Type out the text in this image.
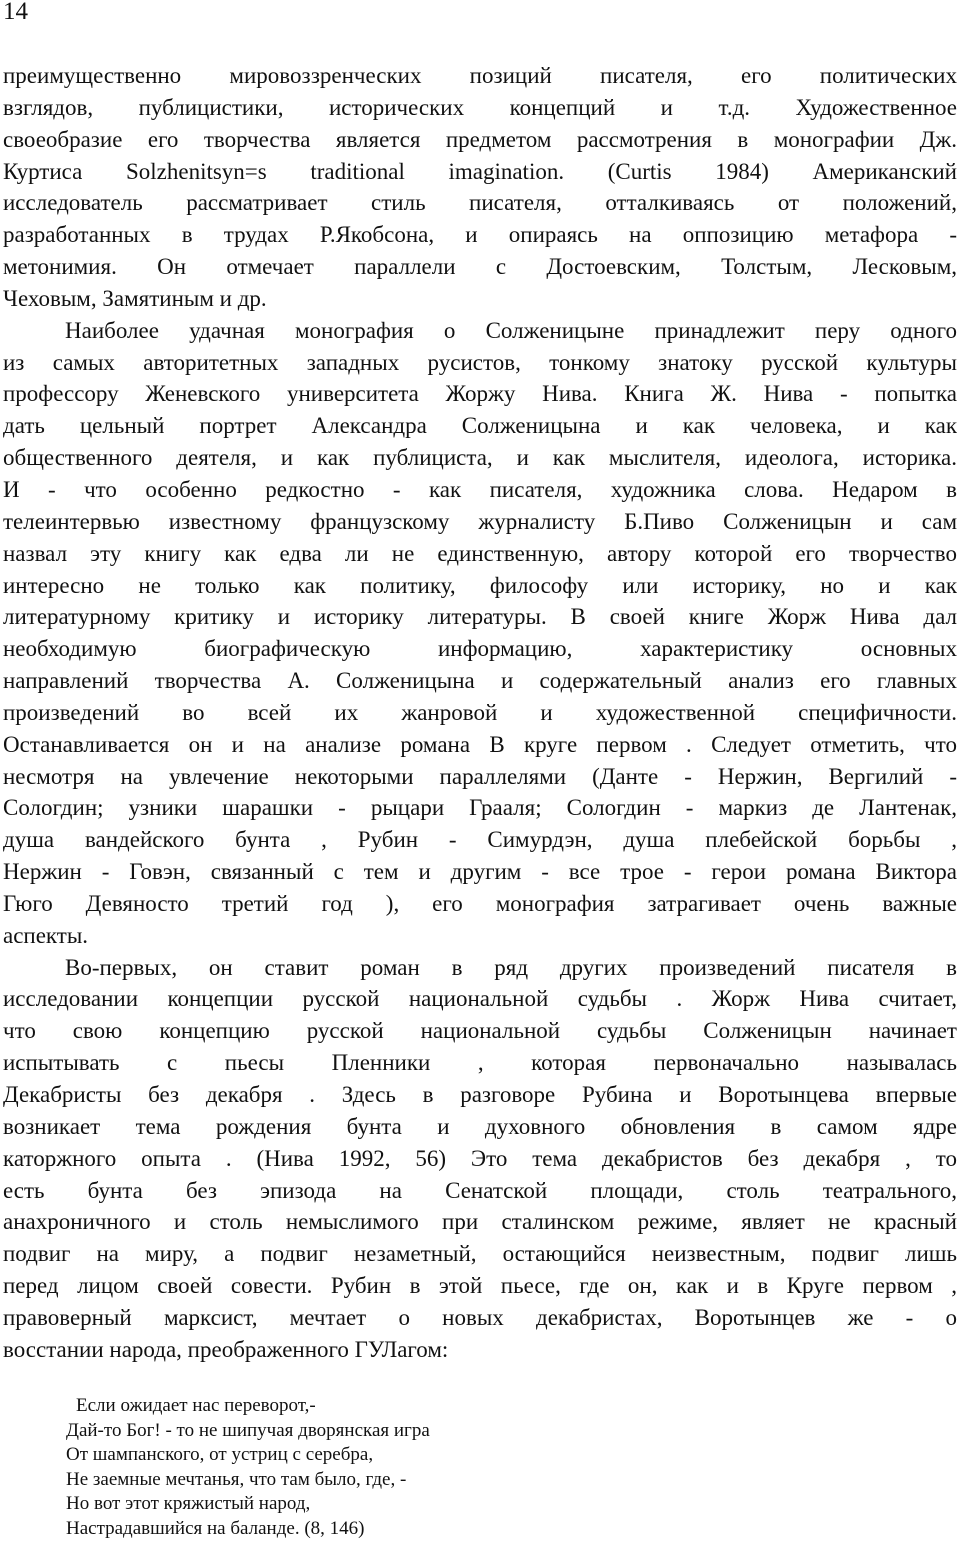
14
преимущественно мировоззренческих позиций писателя, его политических
взглядов, публицистики, исторических концепций и т.д. Художественное
своеобразие его творчества является предметом рассмотрения в монографии Дж.
Куртиса Solzhenitsyn=s traditional imagination. (Curtis 1984) Американский
исследователь рассматривает стиль писателя, отталкиваясь от положений,
разработанных в трудах Р.Якобсона, и опираясь на оппозицию метафора -
метонимия. Он отмечает параллели с Достоевским, Толстым, Лесковым,
Чеховым, Замятиным и др.
Наиболее удачная монография о Солженицыне принадлежит перу одного
из самых авторитетных западных русистов, тонкому знатоку русской культуры
профессору Женевского университета Жоржу Нива. Книга Ж. Нива - попытка
дать цельный портрет Александра Солженицына и как человека, и как
общественного деятеля, и как публициста, и как мыслителя, идеолога, историка.
И - что особенно редкостно - как писателя, художника слова. Недаром в
телеинтервью известному французскому журналисту Б.Пиво Солженицын и сам
назвал эту книгу как едва ли не единственную, автору которой его творчество
интересно не только как политику, философу или историку, но и как
литературному критику и историку литературы. В своей книге Жорж Нива дал
необходимую биографическую информацию, характеристику основных
направлений творчества А. Солженицына и содержательный анализ его главных
произведений во всей их жанровой и художественной специфичности.
Останавливается он и на анализе романа В круге первом . Следует отметить, что
несмотря на увлечение некоторыми параллелями (Данте - Нержин, Вергилий -
Сологдин; узники шарашки - рыцари Грааля; Сологдин - маркиз де Лантенак,
душа вандейского бунта , Рубин - Симурдэн, душа плебейской борьбы ,
Нержин - Говэн, связанный с тем и другим - все трое - герои романа Виктора
Гюго Девяносто третий год ), его монография затрагивает очень важные
аспекты.
Во-первых, он ставит роман в ряд других произведений писателя в
исследовании концепции русской национальной судьбы . Жорж Нива считает,
что свою концепцию русской национальной судьбы Солженицын начинает
испытывать с пьесы Пленники , которая первоначально называлась
Декабристы без декабря . Здесь в разговоре Рубина и Воротынцева впервые
возникает тема рождения бунта и духовного обновления в самом ядре
каторжного опыта . (Нива 1992, 56) Это тема декабристов без декабря , то
есть бунта без эпизода на Сенатской площади, столь театрального,
анахроничного и столь немыслимого при сталинском режиме, являет не красный
подвиг на миру, а подвиг незаметный, остающийся неизвестным, подвиг лишь
перед лицом своей совести. Рубин в этой пьесе, где он, как и в Круге первом ,
правоверный марксист, мечтает о новых декабристах, Воротынцев же - о
восстании народа, преображенного ГУЛагом:
Если ожидает нас переворот,-
Дай-то Бог! - то не шипучая дворянская игра
От шампанского, от устриц с серебра,
Не заемные мечтанья, что там было, где, -
Но вот этот кряжистый народ,
Настрадавшийся на баланде. (8, 146)
